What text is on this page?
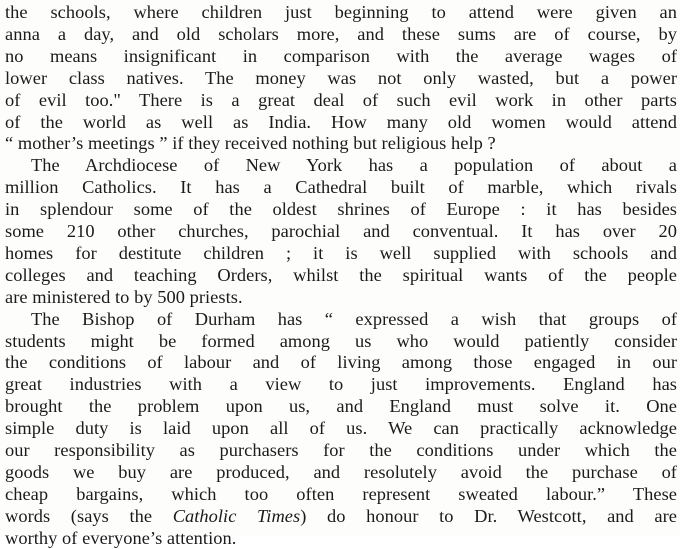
the schools, where children just beginning to attend were given an
anna a day, and old scholars more, and these sums are of course, by
no means insignificant in comparison with the average wages of
lower class natives. The money was not only wasted, but a power
of evil too." There is a great deal of such evil work in other parts
of the world as well as India. How many old women would attend
“ mother’s meetings ” if they received nothing but religious help ?
The Archdiocese of New York has a population of about a
million Catholics. It has a Cathedral built of marble, which rivals
in splendour some of the oldest shrines of Europe : it has besides
some 210 other churches, parochial and conventual. It has over 20
homes for destitute children ; it is well supplied with schools and
colleges and teaching Orders, whilst the spiritual wants of the people
are ministered to by 500 priests.
The Bishop of Durham has “ expressed a wish that groups of
students might be formed among us who would patiently consider
the conditions of labour and of living among those engaged in our
great industries with a view to just improvements. England has
brought the problem upon us, and England must solve it. One
simple duty is laid upon all of us. We can practically acknowledge
our responsibility as purchasers for the conditions under which the
goods we buy are produced, and resolutely avoid the purchase of
cheap bargains, which too often represent sweated labour.” These
words (says the Catholic Times) do honour to Dr. Westcott, and are
worthy of everyone’s attention.
